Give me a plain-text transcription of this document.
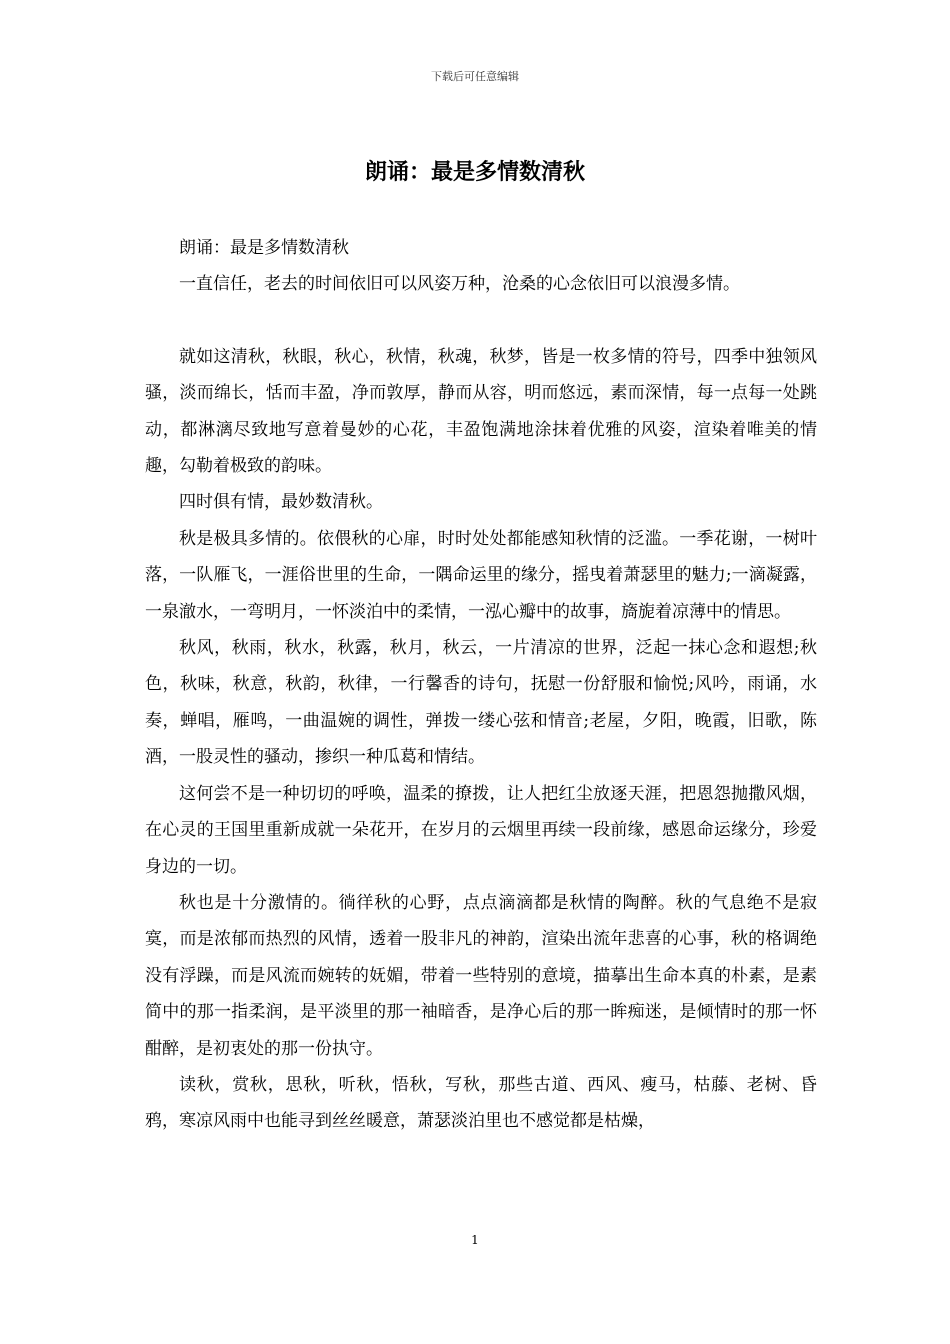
下载后可任意编辑
朗诵：最是多情数清秋

朗诵：最是多情数清秋

一直信任，老去的时间依旧可以风姿万种，沧桑的心念依旧可以浪漫多情。

就如这清秋，秋眼，秋心，秋情，秋魂，秋梦，皆是一枚多情的符号，四季中独领风骚，淡而绵长，恬而丰盈，净而敦厚，静而从容，明而悠远，素而深情，每一点每一处跳动，都淋漓尽致地写意着曼妙的心花，丰盈饱满地涂抹着优雅的风姿，渲染着唯美的情趣，勾勒着极致的韵味。

四时俱有情，最妙数清秋。

秋是极具多情的。依偎秋的心扉，时时处处都能感知秋情的泛滥。一季花谢，一树叶落，一队雁飞，一涯俗世里的生命，一隅命运里的缘分，摇曳着萧瑟里的魅力;一滴凝露，一泉澈水，一弯明月，一怀淡泊中的柔情，一泓心瓣中的故事，旖旎着凉薄中的情思。

秋风，秋雨，秋水，秋露，秋月，秋云，一片清凉的世界，泛起一抹心念和遐想;秋色，秋味，秋意，秋韵，秋律，一行馨香的诗句，抚慰一份舒服和愉悦;风吟，雨诵，水奏，蝉唱，雁鸣，一曲温婉的调性，弹拨一缕心弦和情音;老屋，夕阳，晚霞，旧歌，陈酒，一股灵性的骚动，掺织一种瓜葛和情结。

这何尝不是一种切切的呼唤，温柔的撩拨，让人把红尘放逐天涯，把恩怨抛撒风烟，在心灵的王国里重新成就一朵花开，在岁月的云烟里再续一段前缘，感恩命运缘分，珍爱身边的一切。

秋也是十分激情的。徜徉秋的心野，点点滴滴都是秋情的陶醉。秋的气息绝不是寂寞，而是浓郁而热烈的风情，透着一股非凡的神韵，渲染出流年悲喜的心事，秋的格调绝没有浮躁，而是风流而婉转的妩媚，带着一些特别的意境，描摹出生命本真的朴素，是素简中的那一指柔润，是平淡里的那一袖暗香，是净心后的那一眸痴迷，是倾情时的那一怀酣醉，是初衷处的那一份执守。

读秋，赏秋，思秋，听秋，悟秋，写秋，那些古道、西风、瘦马，枯藤、老树、昏鸦，寒凉风雨中也能寻到丝丝暖意，萧瑟淡泊里也不感觉都是枯燥，

1
